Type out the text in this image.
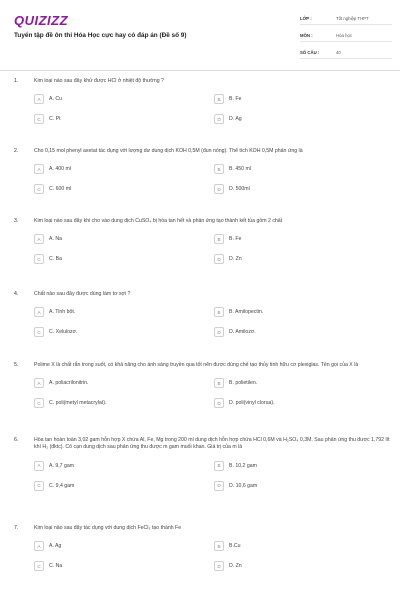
QUIZIZZ
Tuyển tập đề ôn thi Hóa Học cực hay có đáp án (Đề số 9)
LỚP :	Tốt nghiệp THPT
MÔN :	Hóa học
SỐ CÂU :	40
1.	Kim loại nào sau đây khử được HCl ở nhiệt độ thường ?
A	A. Cu	B	B. Fe
C	C. Pt	D	D. Ag
2.	Cho 0,15 mol phenyl axetat tác dụng với lượng dư dung dịch KOH 0,5M (đun nóng). Thể tích KOH 0,5M phản ứng là
A	A. 400 ml	B	B. 450 ml
C	C. 600 ml	D	D. 500ml
3.	Kim loại nào sau đây khi cho vào dung dịch CuSO₄ bị hòa tan hết và phản ứng tạo thành kết tủa gồm 2 chất
A	A. Na	B	B. Fe
C	C. Ba	D	D. Zn
4.	Chất nào sau đây được dùng làm tơ sợi ?
A	A. Tinh bột.	B	B. Amilopectin.
C	C. Xelulozơ.	D	D. Amilozơ.
5.	Polime X là chất rắn trong suốt, có khả năng cho ánh sáng truyền qua tốt nên được dùng chế tạo thủy tinh hữu cơ plexiglas. Tên gọi của X là
A	A. poliacrilonitrin.	B	B. polietilen.
C	C. poli(metyl metacrylat).	D	D. poli(vinyl clorua).
6.	Hòa tan hoàn toàn 3,02 gam hỗn hợp X chứa Al, Fe, Mg trong 200 ml dung dịch hỗn hợp chứa HCl 0,6M và H₂SO₄ 0,3M. Sau phản ứng thu được 1,792 lít khí H₂ (đktc). Cô cạn dung dịch sau phản ứng thu được m gam muối khan. Giá trị của m là
A	A. 9,7 gam	B	B. 10,2 gam
C	C. 9,4 gam	D	D. 10,6 gam
7.	Kim loại nào sau đây tác dụng với dung dịch FeCl₃ tạo thành Fe
A	A. Ag	B	B.Cu
C	C. Na	D	D. Zn
